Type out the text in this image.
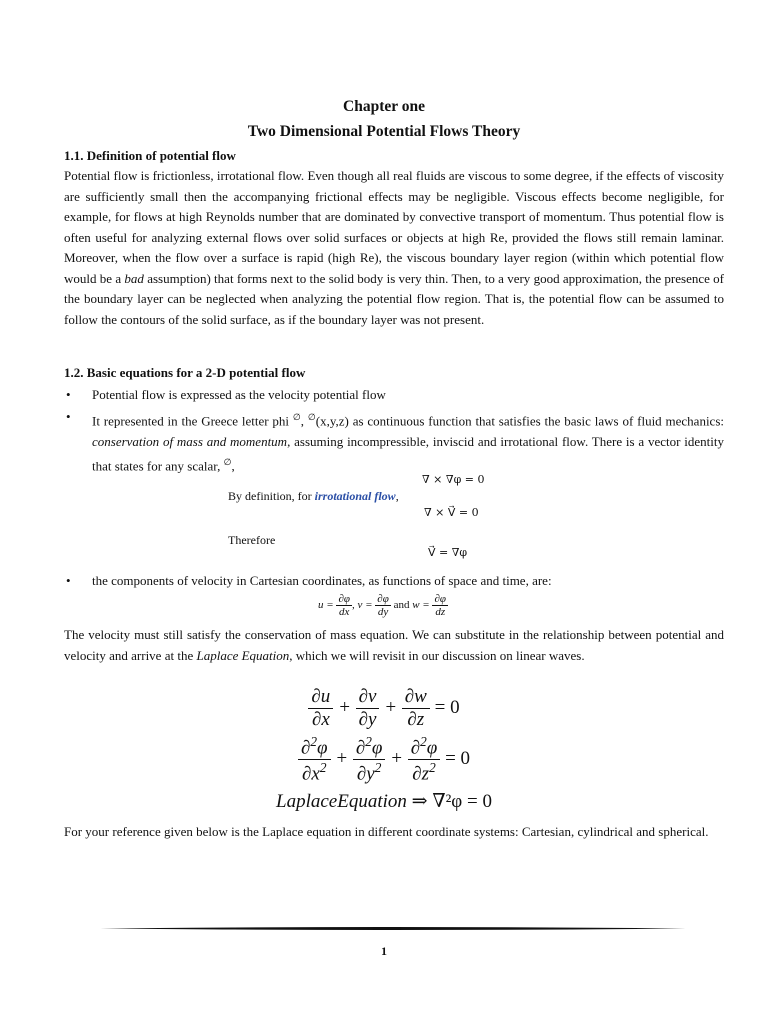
Chapter one
Two Dimensional Potential Flows Theory
1.1. Definition of potential flow
Potential flow is frictionless, irrotational flow. Even though all real fluids are viscous to some degree, if the effects of viscosity are sufficiently small then the accompanying frictional effects may be negligible. Viscous effects become negligible, for example, for flows at high Reynolds number that are dominated by convective transport of momentum. Thus potential flow is often useful for analyzing external flows over solid surfaces or objects at high Re, provided the flows still remain laminar. Moreover, when the flow over a surface is rapid (high Re), the viscous boundary layer region (within which potential flow would be a bad assumption) that forms next to the solid body is very thin. Then, to a very good approximation, the presence of the boundary layer can be neglected when analyzing the potential flow region. That is, the potential flow can be assumed to follow the contours of the solid surface, as if the boundary layer was not present.
1.2. Basic equations for a 2-D potential flow
• Potential flow is expressed as the velocity potential flow
• It represented in the Greece letter phi ∅, ∅(x,y,z) as continuous function that satisfies the basic laws of fluid mechanics: conservation of mass and momentum, assuming incompressible, inviscid and irrotational flow. There is a vector identity that states for any scalar, ∅,
∇ × ∇φ = 0
By definition, for irrotational flow,
∇ × V⃗ = 0
Therefore
V⃗ = ∇φ
• the components of velocity in Cartesian coordinates, as functions of space and time, are:
$u = \frac{\partial\varphi}{dx}$ , $v = \frac{\partial\varphi}{dy}$ and $w = \frac{\partial\varphi}{dz}$
The velocity must still satisfy the conservation of mass equation. We can substitute in the relationship between potential and velocity and arrive at the Laplace Equation, which we will revisit in our discussion on linear waves.
$\frac{\partial u}{\partial x} + \frac{\partial v}{\partial y} + \frac{\partial w}{\partial z} = 0$
$\frac{\partial^2\varphi}{\partial x^2} + \frac{\partial^2\varphi}{\partial y^2} + \frac{\partial^2\varphi}{\partial z^2} = 0$
LaplaceEquation ⇒ ∇²φ = 0
For your reference given below is the Laplace equation in different coordinate systems: Cartesian, cylindrical and spherical.
1
